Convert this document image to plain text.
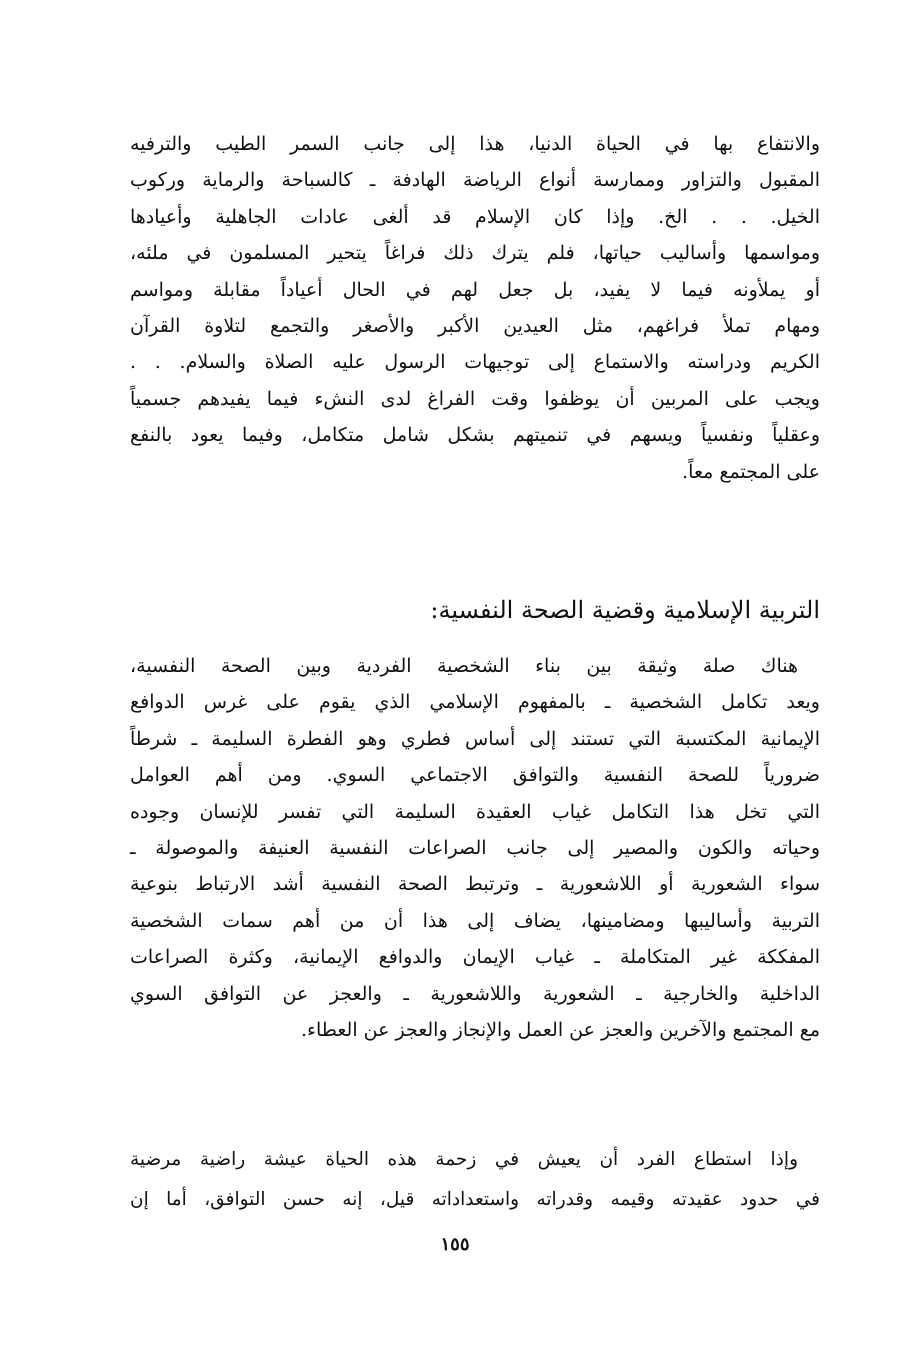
والانتفاع بها في الحياة الدنيا، هذا إلى جانب السمر الطيب والترفيه
المقبول والتزاور وممارسة أنواع الرياضة الهادفة ـ كالسباحة والرماية وركوب
الخيل. . . الخ. وإذا كان الإسلام قد ألغى عادات الجاهلية وأعيادها
ومواسمها وأساليب حياتها، فلم يترك ذلك فراغاً يتحير المسلمون في ملئه،
أو يملأونه فيما لا يفيد، بل جعل لهم في الحال أعياداً مقابلة ومواسم
ومهام تملأ فراغهم، مثل العيدين الأكبر والأصغر والتجمع لتلاوة القرآن
الكريم ودراسته والاستماع إلى توجيهات الرسول عليه الصلاة والسلام. . .
ويجب على المربين أن يوظفوا وقت الفراغ لدى النشء فيما يفيدهم جسمياً
وعقلياً ونفسياً ويسهم في تنميتهم بشكل شامل متكامل، وفيما يعود بالنفع
على المجتمع معاً.
التربية الإسلامية وقضية الصحة النفسية:
هناك صلة وثيقة بين بناء الشخصية الفردية وبين الصحة النفسية،
ويعد تكامل الشخصية ـ بالمفهوم الإسلامي الذي يقوم على غرس الدوافع
الإيمانية المكتسبة التي تستند إلى أساس فطري وهو الفطرة السليمة ـ شرطاً
ضرورياً للصحة النفسية والتوافق الاجتماعي السوي. ومن أهم العوامل
التي تخل هذا التكامل غياب العقيدة السليمة التي تفسر للإنسان وجوده
وحياته والكون والمصير إلى جانب الصراعات النفسية العنيفة والموصولة ـ
سواء الشعورية أو اللاشعورية ـ وترتبط الصحة النفسية أشد الارتباط بنوعية
التربية وأساليبها ومضامينها، يضاف إلى هذا أن من أهم سمات الشخصية
المفككة غير المتكاملة ـ غياب الإيمان والدوافع الإيمانية، وكثرة الصراعات
الداخلية والخارجية ـ الشعورية واللاشعورية ـ والعجز عن التوافق السوي
مع المجتمع والآخرين والعجز عن العمل والإنجاز والعجز عن العطاء.
وإذا استطاع الفرد أن يعيش في زحمة هذه الحياة عيشة راضية مرضية
في حدود عقيدته وقيمه وقدراته واستعداداته قيل، إنه حسن التوافق، أما إن
١٥٥
